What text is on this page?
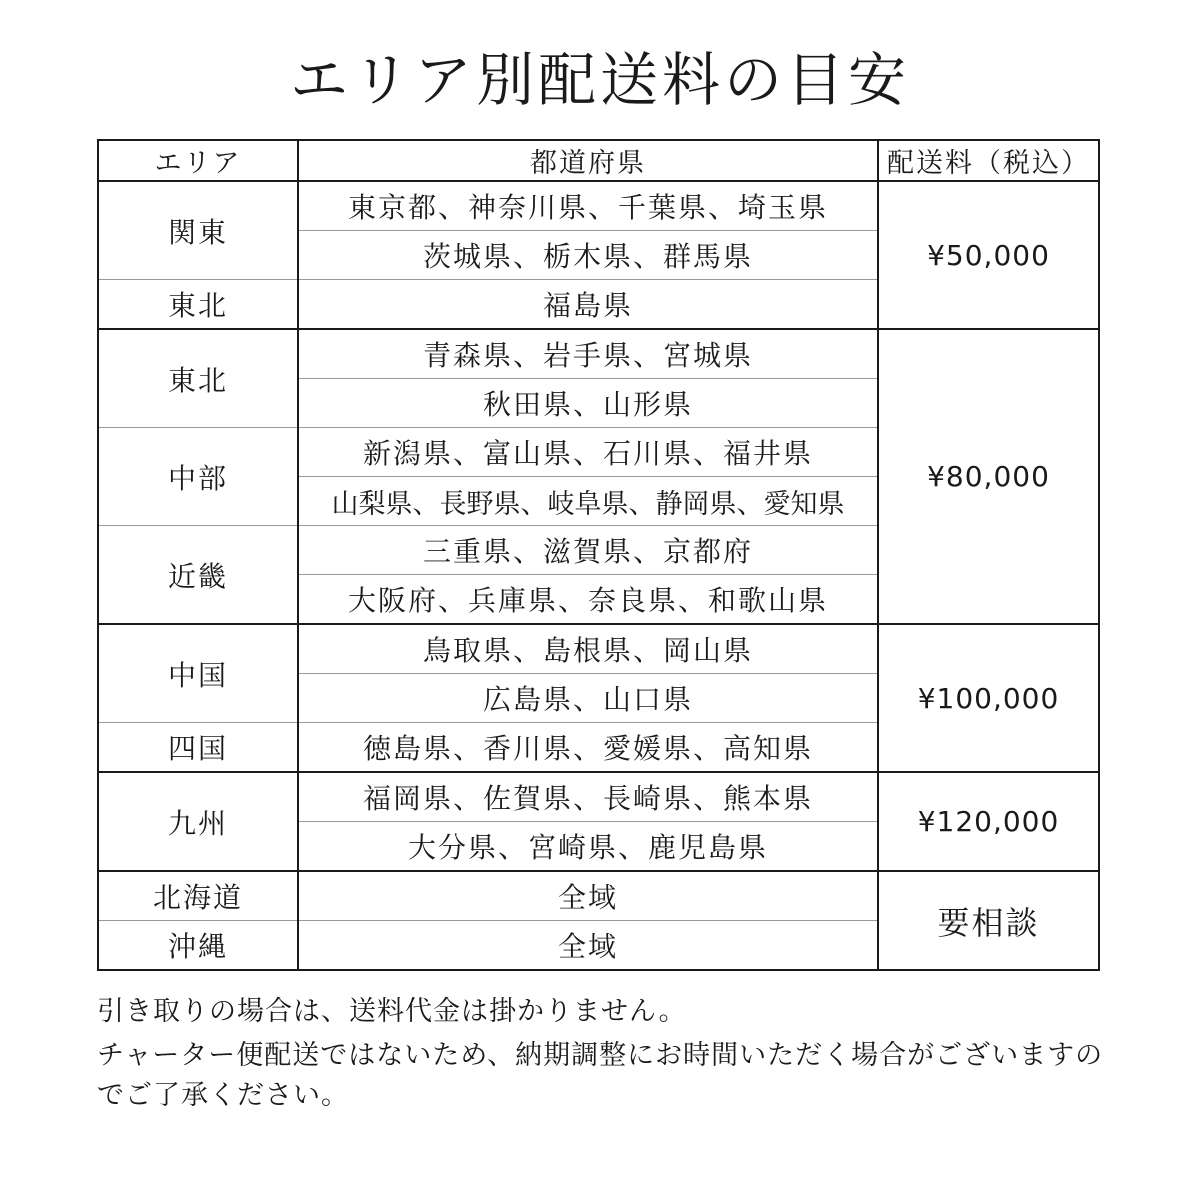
エリア別配送料の目安
エリア	都道府県	配送料（税込）
関東	東京都、神奈川県、千葉県、埼玉県	¥50,000
	茨城県、栃木県、群馬県	
東北	福島県	
東北	青森県、岩手県、宮城県	¥80,000
	秋田県、山形県	
中部	新潟県、富山県、石川県、福井県	
	山梨県、長野県、岐阜県、静岡県、愛知県	
近畿	三重県、滋賀県、京都府	
	大阪府、兵庫県、奈良県、和歌山県	
中国	鳥取県、島根県、岡山県	¥100,000
	広島県、山口県	
四国	徳島県、香川県、愛媛県、高知県	
九州	福岡県、佐賀県、長崎県、熊本県	¥120,000
	大分県、宮崎県、鹿児島県	
北海道	全域	要相談
沖縄	全域	

引き取りの場合は、送料代金は掛かりません。

チャーター便配送ではないため、納期調整にお時間いただく場合がございますのでご了承ください。
